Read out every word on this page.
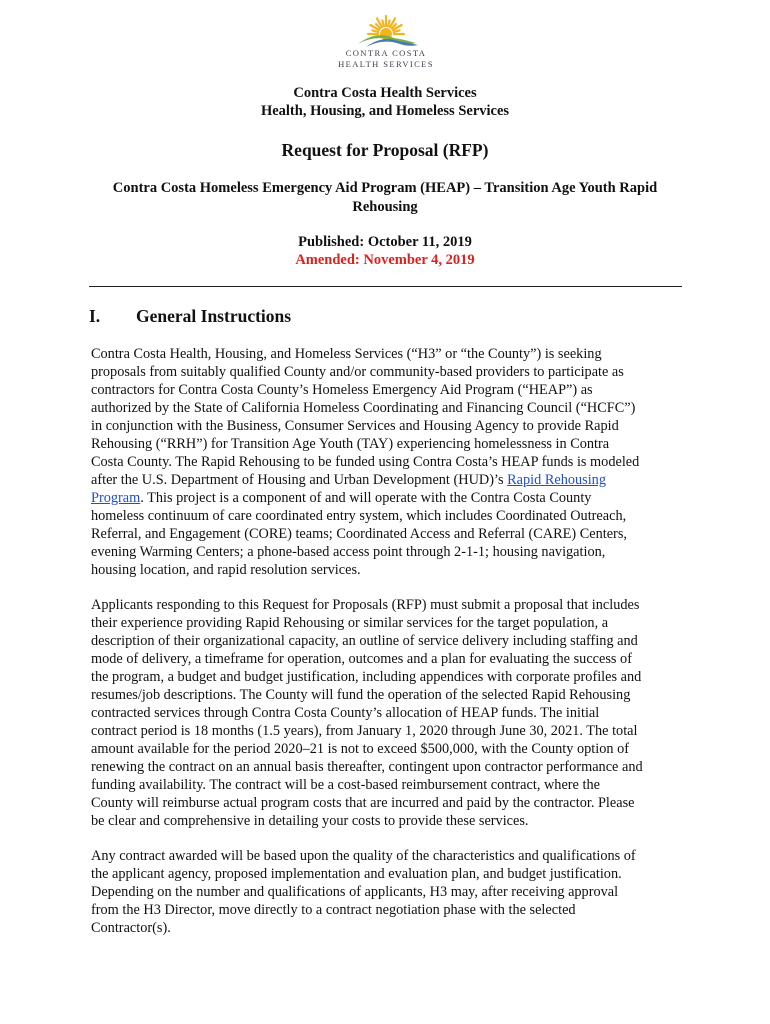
CONTRA COSTA
HEALTH SERVICES
Contra Costa Health Services
Health, Housing, and Homeless Services
Request for Proposal (RFP)
Contra Costa Homeless Emergency Aid Program (HEAP) – Transition Age Youth Rapid Rehousing
Published: October 11, 2019
Amended: November 4, 2019
I. General Instructions
Contra Costa Health, Housing, and Homeless Services (“H3” or “the County”) is seeking
proposals from suitably qualified County and/or community-based providers to participate as
contractors for Contra Costa County’s Homeless Emergency Aid Program (“HEAP”) as
authorized by the State of California Homeless Coordinating and Financing Council (“HCFC”)
in conjunction with the Business, Consumer Services and Housing Agency to provide Rapid
Rehousing (“RRH”) for Transition Age Youth (TAY) experiencing homelessness in Contra
Costa County. The Rapid Rehousing to be funded using Contra Costa’s HEAP funds is modeled
after the U.S. Department of Housing and Urban Development (HUD)’s Rapid Rehousing
Program. This project is a component of and will operate with the Contra Costa County
homeless continuum of care coordinated entry system, which includes Coordinated Outreach,
Referral, and Engagement (CORE) teams; Coordinated Access and Referral (CARE) Centers,
evening Warming Centers; a phone-based access point through 2-1-1; housing navigation,
housing location, and rapid resolution services.
Applicants responding to this Request for Proposals (RFP) must submit a proposal that includes
their experience providing Rapid Rehousing or similar services for the target population, a
description of their organizational capacity, an outline of service delivery including staffing and
mode of delivery, a timeframe for operation, outcomes and a plan for evaluating the success of
the program, a budget and budget justification, including appendices with corporate profiles and
resumes/job descriptions. The County will fund the operation of the selected Rapid Rehousing
contracted services through Contra Costa County’s allocation of HEAP funds. The initial
contract period is 18 months (1.5 years), from January 1, 2020 through June 30, 2021. The total
amount available for the period 2020–21 is not to exceed $500,000, with the County option of
renewing the contract on an annual basis thereafter, contingent upon contractor performance and
funding availability. The contract will be a cost-based reimbursement contract, where the
County will reimburse actual program costs that are incurred and paid by the contractor. Please
be clear and comprehensive in detailing your costs to provide these services.
Any contract awarded will be based upon the quality of the characteristics and qualifications of
the applicant agency, proposed implementation and evaluation plan, and budget justification.
Depending on the number and qualifications of applicants, H3 may, after receiving approval
from the H3 Director, move directly to a contract negotiation phase with the selected
Contractor(s).
